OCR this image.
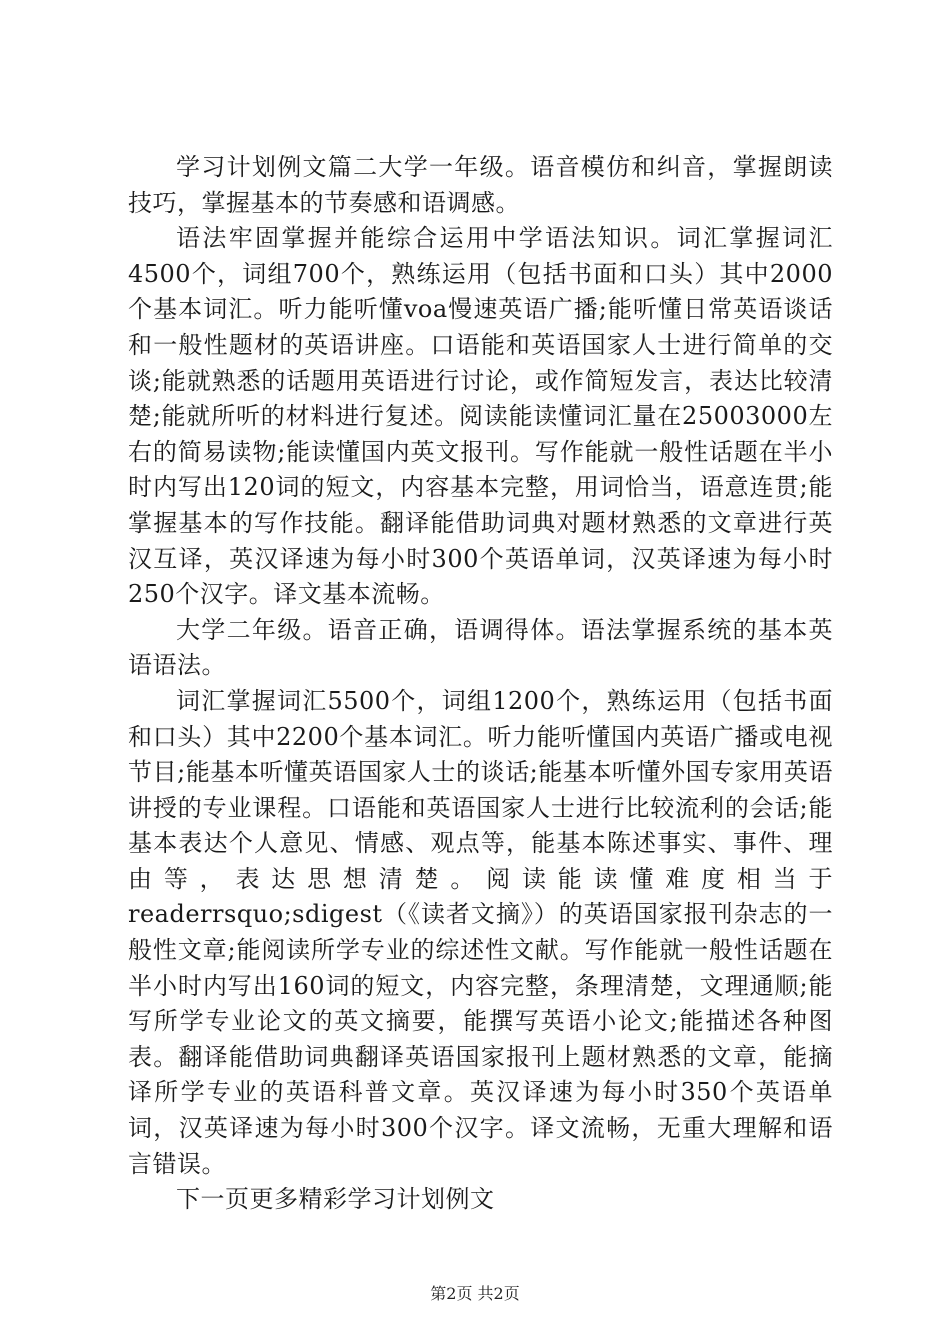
学习计划例文篇二大学一年级。语音模仿和纠音，掌握朗读技巧，掌握基本的节奏感和语调感。

语法牢固掌握并能综合运用中学语法知识。词汇掌握词汇4500个，词组700个，熟练运用（包括书面和口头）其中2000个基本词汇。听力能听懂voa慢速英语广播;能听懂日常英语谈话和一般性题材的英语讲座。口语能和英语国家人士进行简单的交谈;能就熟悉的话题用英语进行讨论，或作简短发言，表达比较清楚;能就所听的材料进行复述。阅读能读懂词汇量在25003000左右的简易读物;能读懂国内英文报刊。写作能就一般性话题在半小时内写出120词的短文，内容基本完整，用词恰当，语意连贯;能掌握基本的写作技能。翻译能借助词典对题材熟悉的文章进行英汉互译，英汉译速为每小时300个英语单词，汉英译速为每小时250个汉字。译文基本流畅。

大学二年级。语音正确，语调得体。语法掌握系统的基本英语语法。

词汇掌握词汇5500个，词组1200个，熟练运用（包括书面和口头）其中2200个基本词汇。听力能听懂国内英语广播或电视节目;能基本听懂英语国家人士的谈话;能基本听懂外国专家用英语讲授的专业课程。口语能和英语国家人士进行比较流利的会话;能基本表达个人意见、情感、观点等，能基本陈述事实、事件、理由等，表达思想清楚。阅读能读懂难度相当于readerrsquo;sdigest（《读者文摘》）的英语国家报刊杂志的一般性文章;能阅读所学专业的综述性文献。写作能就一般性话题在半小时内写出160词的短文，内容完整，条理清楚，文理通顺;能写所学专业论文的英文摘要，能撰写英语小论文;能描述各种图表。翻译能借助词典翻译英语国家报刊上题材熟悉的文章，能摘译所学专业的英语科普文章。英汉译速为每小时350个英语单词，汉英译速为每小时300个汉字。译文流畅，无重大理解和语言错误。

下一页更多精彩学习计划例文

第2页 共2页
